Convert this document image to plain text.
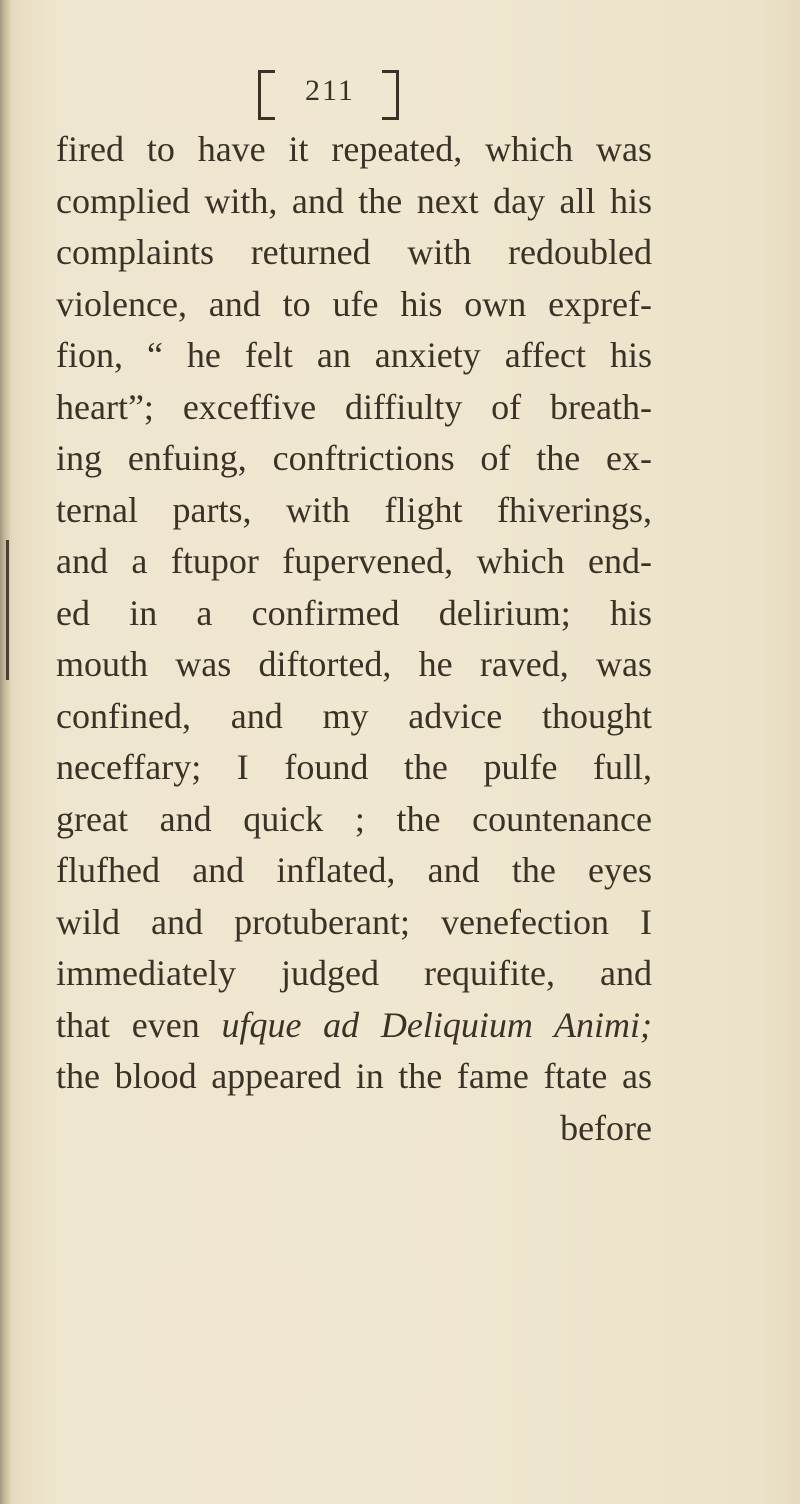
211
fired to have it repeated, which was
complied with, and the next day all his
complaints returned with redoubled
violence, and to ufe his own expref-
fion, “ he felt an anxiety affect his
heart”; exceffive diffiulty of breath-
ing enfuing, conftrictions of the ex-
ternal parts, with flight fhiverings,
and a ftupor fupervened, which end-
ed in a confirmed delirium; his
mouth was diftorted, he raved, was
confined, and my advice thought
neceffary; I found the pulfe full,
great and quick ; the countenance
flufhed and inflated, and the eyes
wild and protuberant; venefection I
immediately judged requifite, and
that even ufque ad Deliquium Animi;
the blood appeared in the fame ftate as
before
